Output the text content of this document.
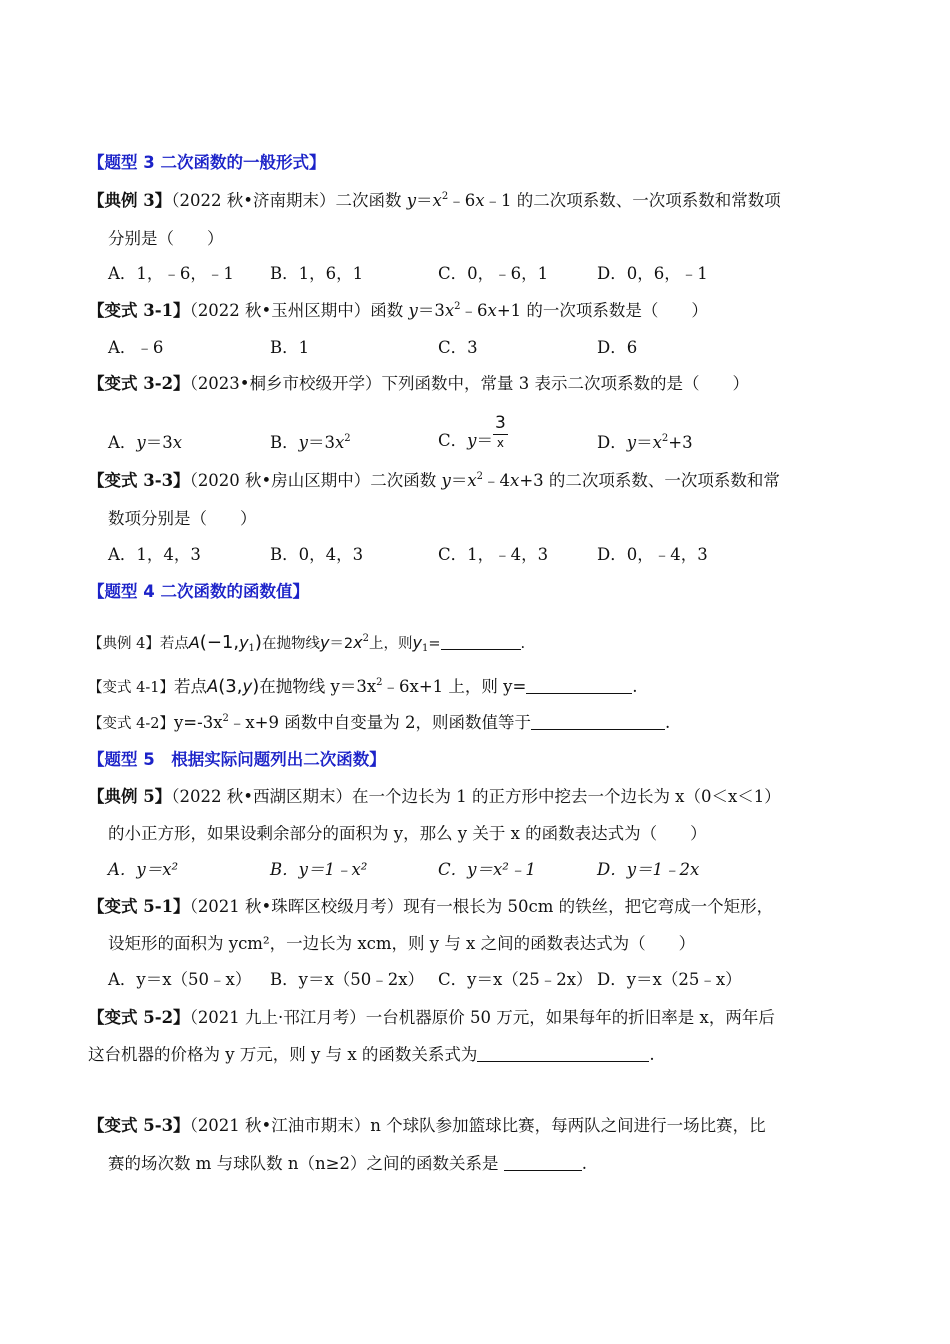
【题型 3 二次函数的一般形式】
【典例 3】（2022 秋•济南期末）二次函数 $y=x^2﹣6x﹣1$ 的二次项系数、一次项系数和常数项
分别是（　　）
A．1，﹣6，﹣1 B．1，6，1	C．0，﹣6，1	D．0，6，﹣1
【变式 3-1】（2022 秋•玉州区期中）函数 $y=3x^2﹣6x+1$ 的一次项系数是（　　）
A．﹣6	B．1	C．3	D．6
【变式 3-2】（2023•桐乡市校级开学）下列函数中，常量 3 表示二次项系数的是（　　）
A．y＝3x	B．$y=3x^2$	C．$y= \frac{3}{x}$	D．$y=x^2+3$
【变式 3-3】（2020 秋•房山区期中）二次函数 $y=x^2﹣4x+3$ 的二次项系数、一次项系数和常
数项分别是（　　）
A．1，4，3	B．0，4，3	C．1，﹣4，3	D．0，﹣4，3
【题型 4 二次函数的函数值】
【典例 4】若点$A(-1,y_1)$在抛物线$y=2x^2$上，则$y_1=$	.
【变式 4-1】若点A(3,y)在抛物线 $y=3x^2﹣6x+1$ 上，则 y=	.
【变式 4-2】$y=-3x^2﹣x+9$ 函数中自变量为 2，则函数值等于	.
【题型 5　根据实际问题列出二次函数】
【典例 5】（2022 秋•西湖区期末）在一个边长为 1 的正方形中挖去一个边长为 x（0＜x＜1）
的小正方形，如果设剩余部分的面积为 y，那么 y 关于 x 的函数表达式为（　　）
A．y＝x²	B．y＝1﹣x²	C．y＝x²﹣1	D．y＝1﹣2x
【变式 5-1】（2021 秋•珠晖区校级月考）现有一根长为 50cm 的铁丝，把它弯成一个矩形，
设矩形的面积为 ycm²，一边长为 xcm，则 y 与 x 之间的函数表达式为（　　）
A．y＝x（50﹣x） B．y＝x（50﹣2x） C．y＝x（25﹣2x） D．y＝x（25﹣x）
【变式 5-2】（2021 九上·邗江月考）一台机器原价 50 万元，如果每年的折旧率是 x，两年后
这台机器的价格为 y 万元，则 y 与 x 的函数关系式为	.
【变式 5-3】（2021 秋•江油市期末）n 个球队参加篮球比赛，每两队之间进行一场比赛，比
赛的场次数 m 与球队数 n（n≥2）之间的函数关系是	.
